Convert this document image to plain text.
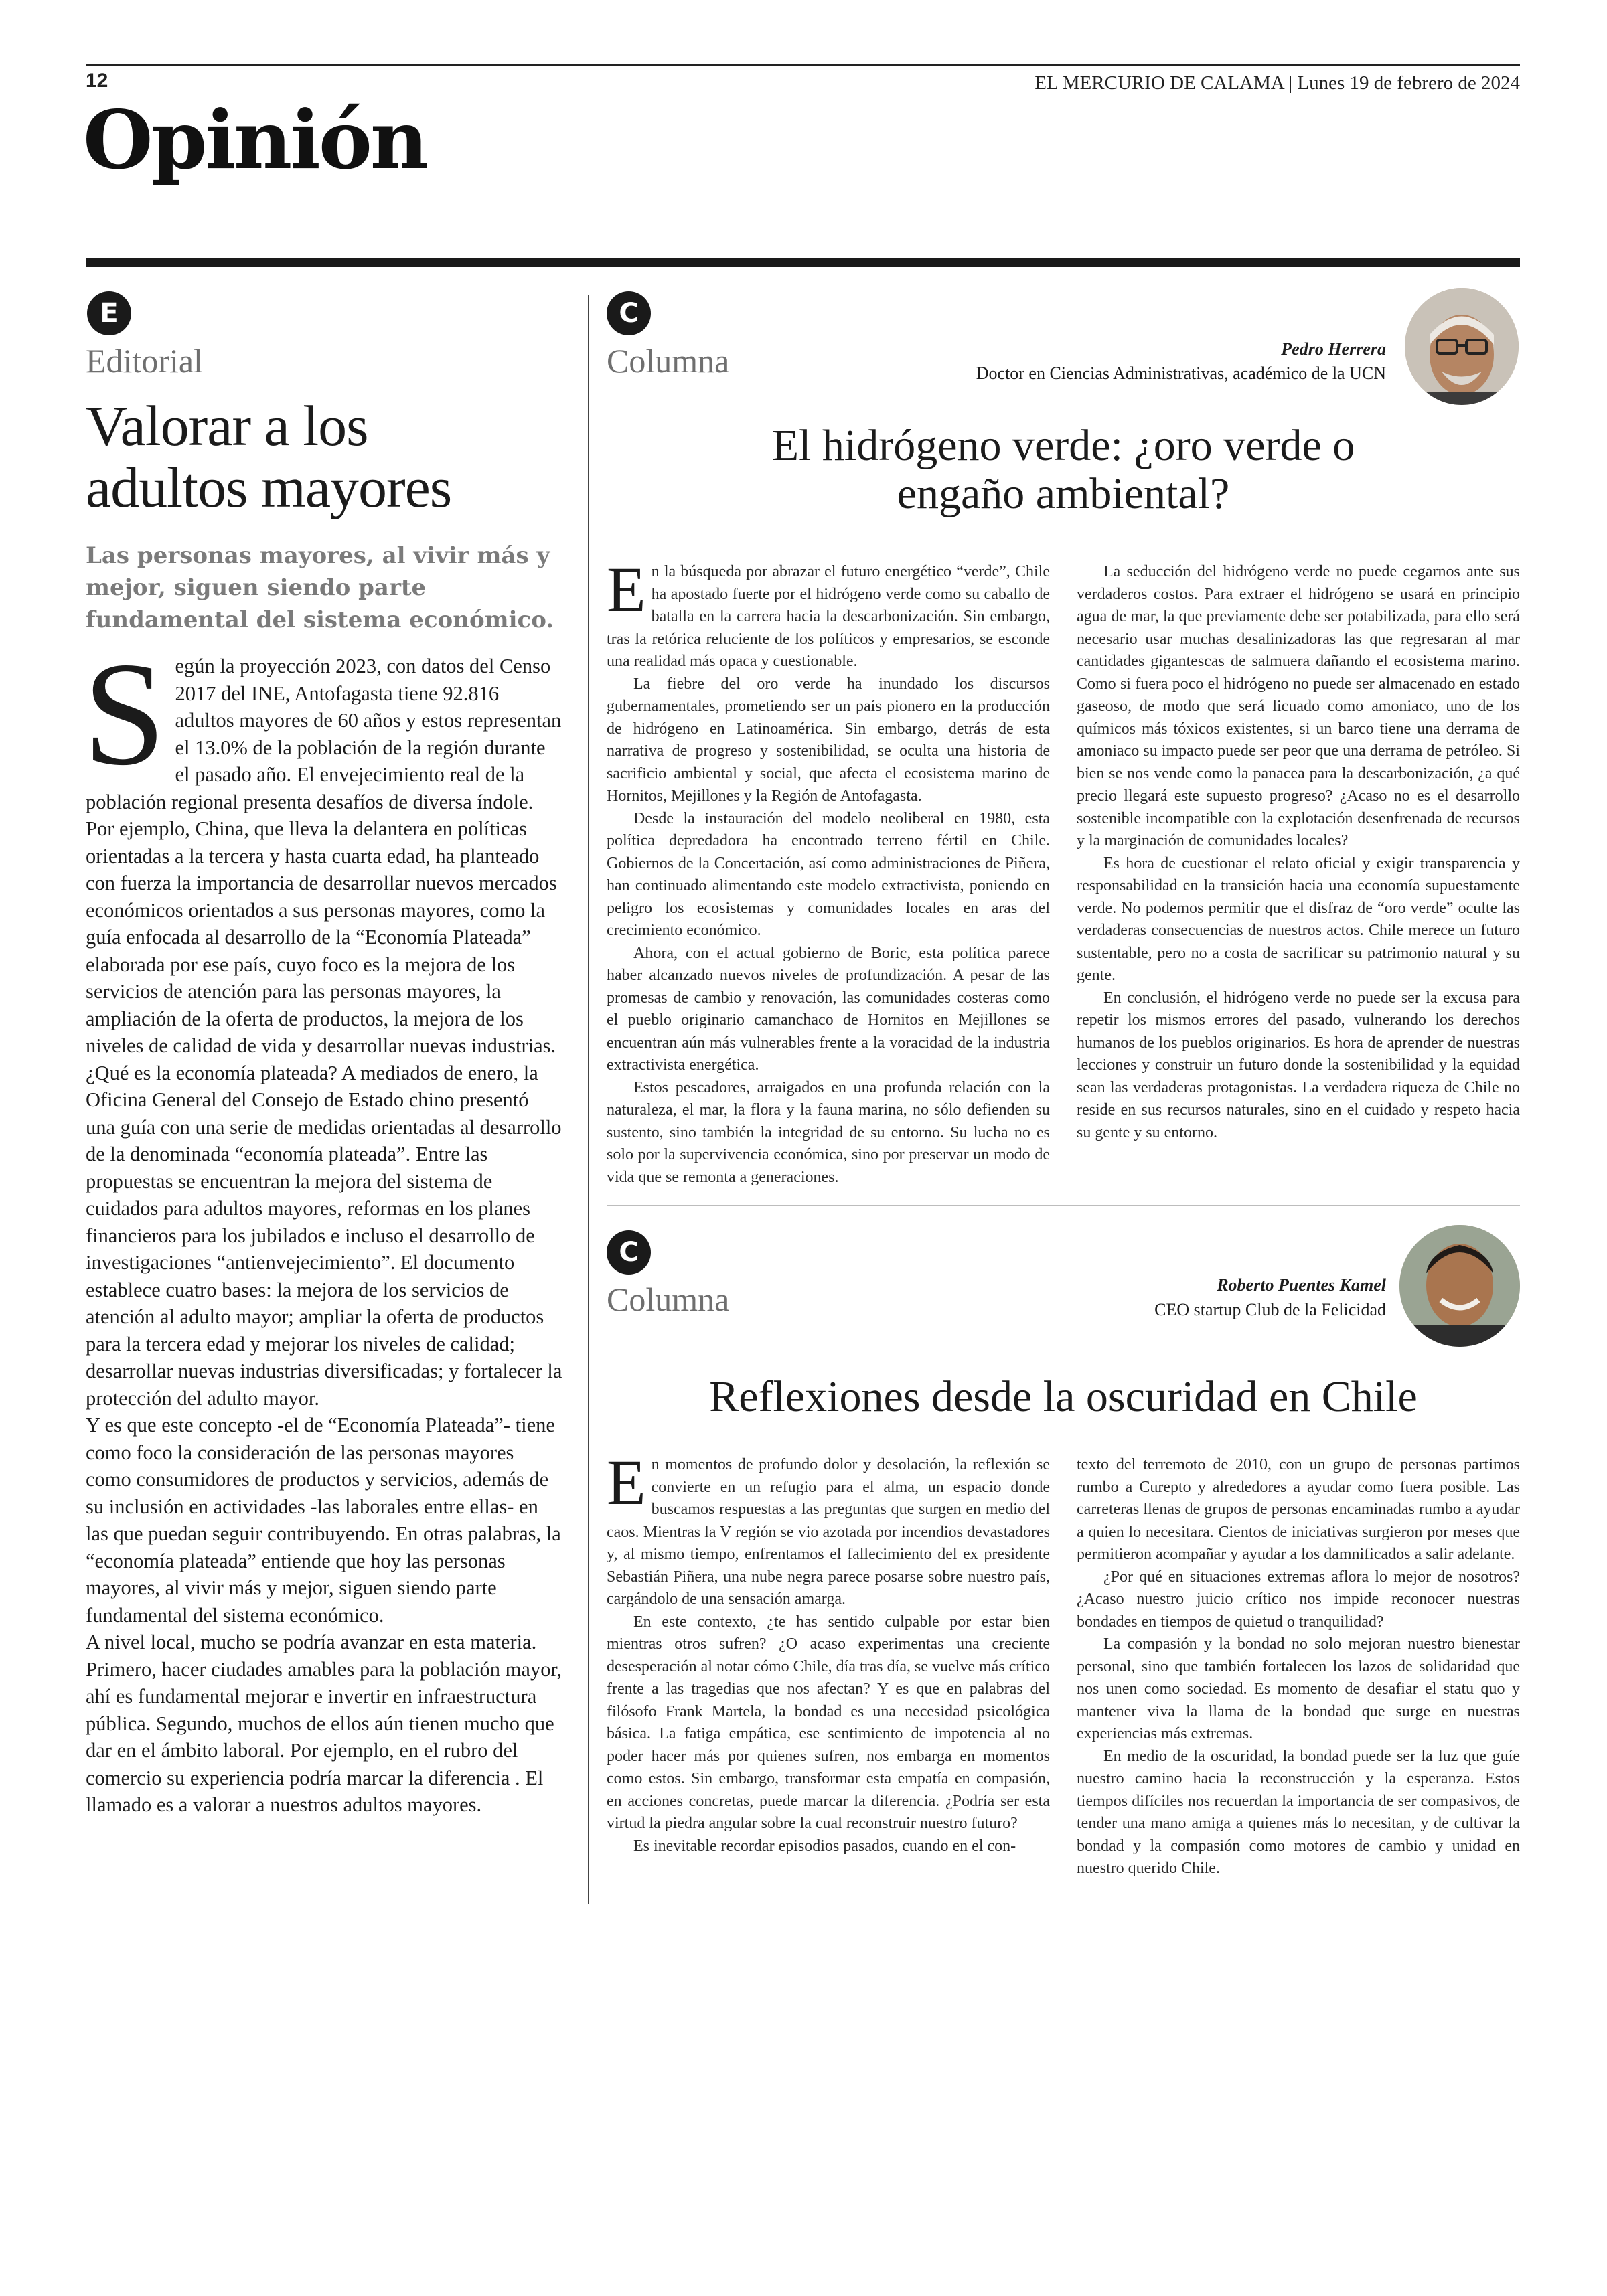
12	EL MERCURIO DE CALAMA | Lunes 19 de febrero de 2024
Opinión
E
Editorial
Valorar a los
adultos mayores
Las personas mayores, al vivir más y mejor, siguen siendo parte fundamental del sistema económico.

Según la proyección 2023, con datos del Censo 2017 del INE, Antofagasta tiene 92.816 adultos mayores de 60 años y estos representan el 13.0% de la población de la región durante el pasado año. El envejecimiento real de la población regional presenta desafíos de diversa índole.

Por ejemplo, China, que lleva la delantera en políticas orientadas a la tercera y hasta cuarta edad, ha planteado con fuerza la importancia de desarrollar nuevos mercados económicos orientados a sus personas mayores, como la guía enfocada al desarrollo de la “Economía Plateada” elaborada por ese país, cuyo foco es la mejora de los servicios de atención para las personas mayores, la ampliación de la oferta de productos, la mejora de los niveles de calidad de vida y desarrollar nuevas industrias.

¿Qué es la economía plateada? A mediados de enero, la Oficina General del Consejo de Estado chino presentó una guía con una serie de medidas orientadas al desarrollo de la denominada “economía plateada”. Entre las propuestas se encuentran la mejora del sistema de cuidados para adultos mayores, reformas en los planes financieros para los jubilados e incluso el desarrollo de investigaciones “antienvejecimiento”. El documento establece cuatro bases: la mejora de los servicios de atención al adulto mayor; ampliar la oferta de productos para la tercera edad y mejorar los niveles de calidad; desarrollar nuevas industrias diversificadas; y fortalecer la protección del adulto mayor.

Y es que este concepto -el de “Economía Plateada”- tiene como foco la consideración de las personas mayores como consumidores de productos y servicios, además de su inclusión en actividades -las laborales entre ellas- en las que puedan seguir contribuyendo. En otras palabras, la “economía plateada” entiende que hoy las personas mayores, al vivir más y mejor, siguen siendo parte fundamental del sistema económico.

A nivel local, mucho se podría avanzar en esta materia. Primero, hacer ciudades amables para la población mayor, ahí es fundamental mejorar e invertir en infraestructura pública. Segundo, muchos de ellos aún tienen mucho que dar en el ámbito laboral. Por ejemplo, en el rubro del comercio su experiencia podría marcar la diferencia . El llamado es a valorar a nuestros adultos mayores.

C
Columna	Pedro Herrera
Doctor en Ciencias Administrativas, académico de la UCN
El hidrógeno verde: ¿oro verde o
engaño ambiental?

En la búsqueda por abrazar el futuro energético “verde”, Chile ha apostado fuerte por el hidrógeno verde como su caballo de batalla en la carrera hacia la descarbonización. Sin embargo, tras la retórica reluciente de los políticos y empresarios, se esconde una realidad más opaca y cuestionable.

La fiebre del oro verde ha inundado los discursos gubernamentales, prometiendo ser un país pionero en la producción de hidrógeno en Latinoamérica. Sin embargo, detrás de esta narrativa de progreso y sostenibilidad, se oculta una historia de sacrificio ambiental y social, que afecta el ecosistema marino de Hornitos, Mejillones y la Región de Antofagasta.

Desde la instauración del modelo neoliberal en 1980, esta política depredadora ha encontrado terreno fértil en Chile. Gobiernos de la Concertación, así como administraciones de Piñera, han continuado alimentando este modelo extractivista, poniendo en peligro los ecosistemas y comunidades locales en aras del crecimiento económico.

Ahora, con el actual gobierno de Boric, esta política parece haber alcanzado nuevos niveles de profundización. A pesar de las promesas de cambio y renovación, las comunidades costeras como el pueblo originario camanchaco de Hornitos en Mejillones se encuentran aún más vulnerables frente a la voracidad de la industria extractivista energética.

Estos pescadores, arraigados en una profunda relación con la naturaleza, el mar, la flora y la fauna marina, no sólo defienden su sustento, sino también la integridad de su entorno. Su lucha no es solo por la supervivencia económica, sino por preservar un modo de vida que se remonta a generaciones.

La seducción del hidrógeno verde no puede cegarnos ante sus verdaderos costos. Para extraer el hidrógeno se usará en principio agua de mar, la que previamente debe ser potabilizada, para ello será necesario usar muchas desalinizadoras las que regresaran al mar cantidades gigantescas de salmuera dañando el ecosistema marino. Como si fuera poco el hidrógeno no puede ser almacenado en estado gaseoso, de modo que será licuado como amoniaco, uno de los químicos más tóxicos existentes, si un barco tiene una derrama de amoniaco su impacto puede ser peor que una derrama de petróleo. Si bien se nos vende como la panacea para la descarbonización, ¿a qué precio llegará este supuesto progreso? ¿Acaso no es el desarrollo sostenible incompatible con la explotación desenfrenada de recursos y la marginación de comunidades locales?

Es hora de cuestionar el relato oficial y exigir transparencia y responsabilidad en la transición hacia una economía supuestamente verde. No podemos permitir que el disfraz de “oro verde” oculte las verdaderas consecuencias de nuestros actos. Chile merece un futuro sustentable, pero no a costa de sacrificar su patrimonio natural y su gente.

En conclusión, el hidrógeno verde no puede ser la excusa para repetir los mismos errores del pasado, vulnerando los derechos humanos de los pueblos originarios. Es hora de aprender de nuestras lecciones y construir un futuro donde la sostenibilidad y la equidad sean las verdaderas protagonistas. La verdadera riqueza de Chile no reside en sus recursos naturales, sino en el cuidado y respeto hacia su gente y su entorno.

C
Columna	Roberto Puentes Kamel
CEO startup Club de la Felicidad
Reflexiones desde la oscuridad en Chile

En momentos de profundo dolor y desolación, la reflexión se convierte en un refugio para el alma, un espacio donde buscamos respuestas a las preguntas que surgen en medio del caos. Mientras la V región se vio azotada por incendios devastadores y, al mismo tiempo, enfrentamos el fallecimiento del ex presidente Sebastián Piñera, una nube negra parece posarse sobre nuestro país, cargándolo de una sensación amarga.

En este contexto, ¿te has sentido culpable por estar bien mientras otros sufren? ¿O acaso experimentas una creciente desesperación al notar cómo Chile, día tras día, se vuelve más crítico frente a las tragedias que nos afectan? Y es que en palabras del filósofo Frank Martela, la bondad es una necesidad psicológica básica. La fatiga empática, ese sentimiento de impotencia al no poder hacer más por quienes sufren, nos embarga en momentos como estos. Sin embargo, transformar esta empatía en compasión, en acciones concretas, puede marcar la diferencia. ¿Podría ser esta virtud la piedra angular sobre la cual reconstruir nuestro futuro?

Es inevitable recordar episodios pasados, cuando en el con-

texto del terremoto de 2010, con un grupo de personas partimos rumbo a Curepto y alrededores a ayudar como fuera posible. Las carreteras llenas de grupos de personas encaminadas rumbo a ayudar a quien lo necesitara. Cientos de iniciativas surgieron por meses que permitieron acompañar y ayudar a los damnificados a salir adelante.

¿Por qué en situaciones extremas aflora lo mejor de nosotros? ¿Acaso nuestro juicio crítico nos impide reconocer nuestras bondades en tiempos de quietud o tranquilidad?

La compasión y la bondad no solo mejoran nuestro bienestar personal, sino que también fortalecen los lazos de solidaridad que nos unen como sociedad. Es momento de desafiar el statu quo y mantener viva la llama de la bondad que surge en nuestras experiencias más extremas.

En medio de la oscuridad, la bondad puede ser la luz que guíe nuestro camino hacia la reconstrucción y la esperanza. Estos tiempos difíciles nos recuerdan la importancia de ser compasivos, de tender una mano amiga a quienes más lo necesitan, y de cultivar la bondad y la compasión como motores de cambio y unidad en nuestro querido Chile.
